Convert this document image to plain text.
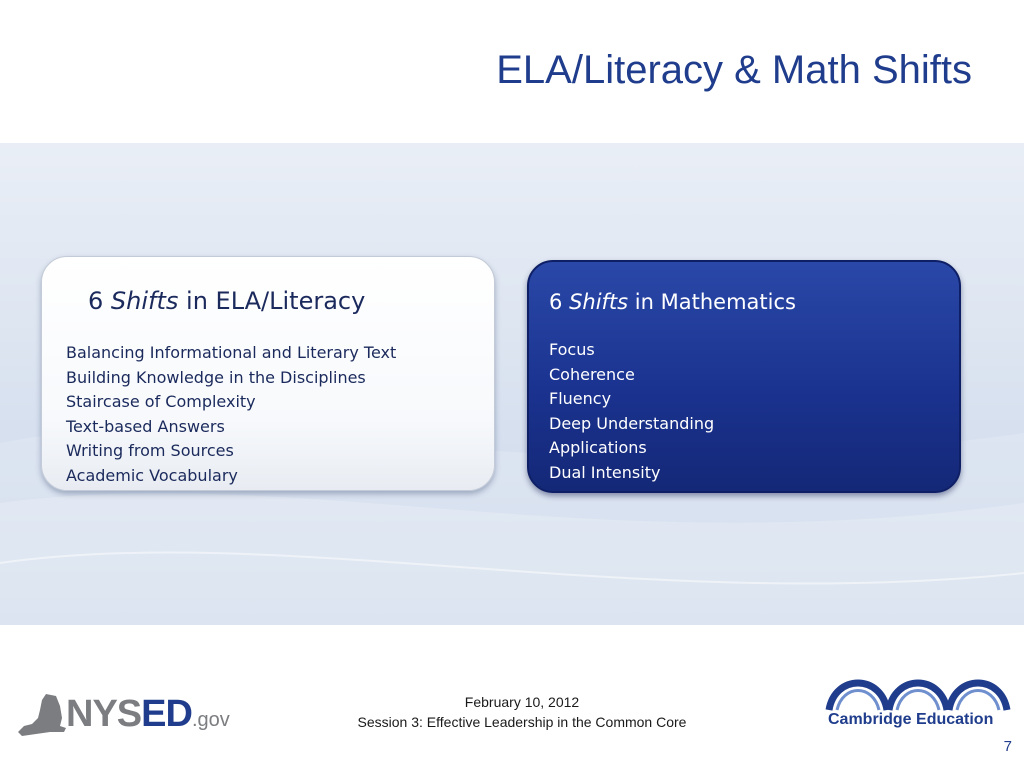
ELA/Literacy & Math Shifts
6 Shifts in ELA/Literacy
Balancing Informational and Literary Text
Building Knowledge in the Disciplines
Staircase of Complexity
Text-based Answers
Writing from Sources
Academic Vocabulary
6 Shifts in Mathematics
Focus
Coherence
Fluency
Deep Understanding
Applications
Dual Intensity
NYSED.gov
February 10, 2012
Session 3: Effective Leadership in the Common Core	Cambridge Education
7
